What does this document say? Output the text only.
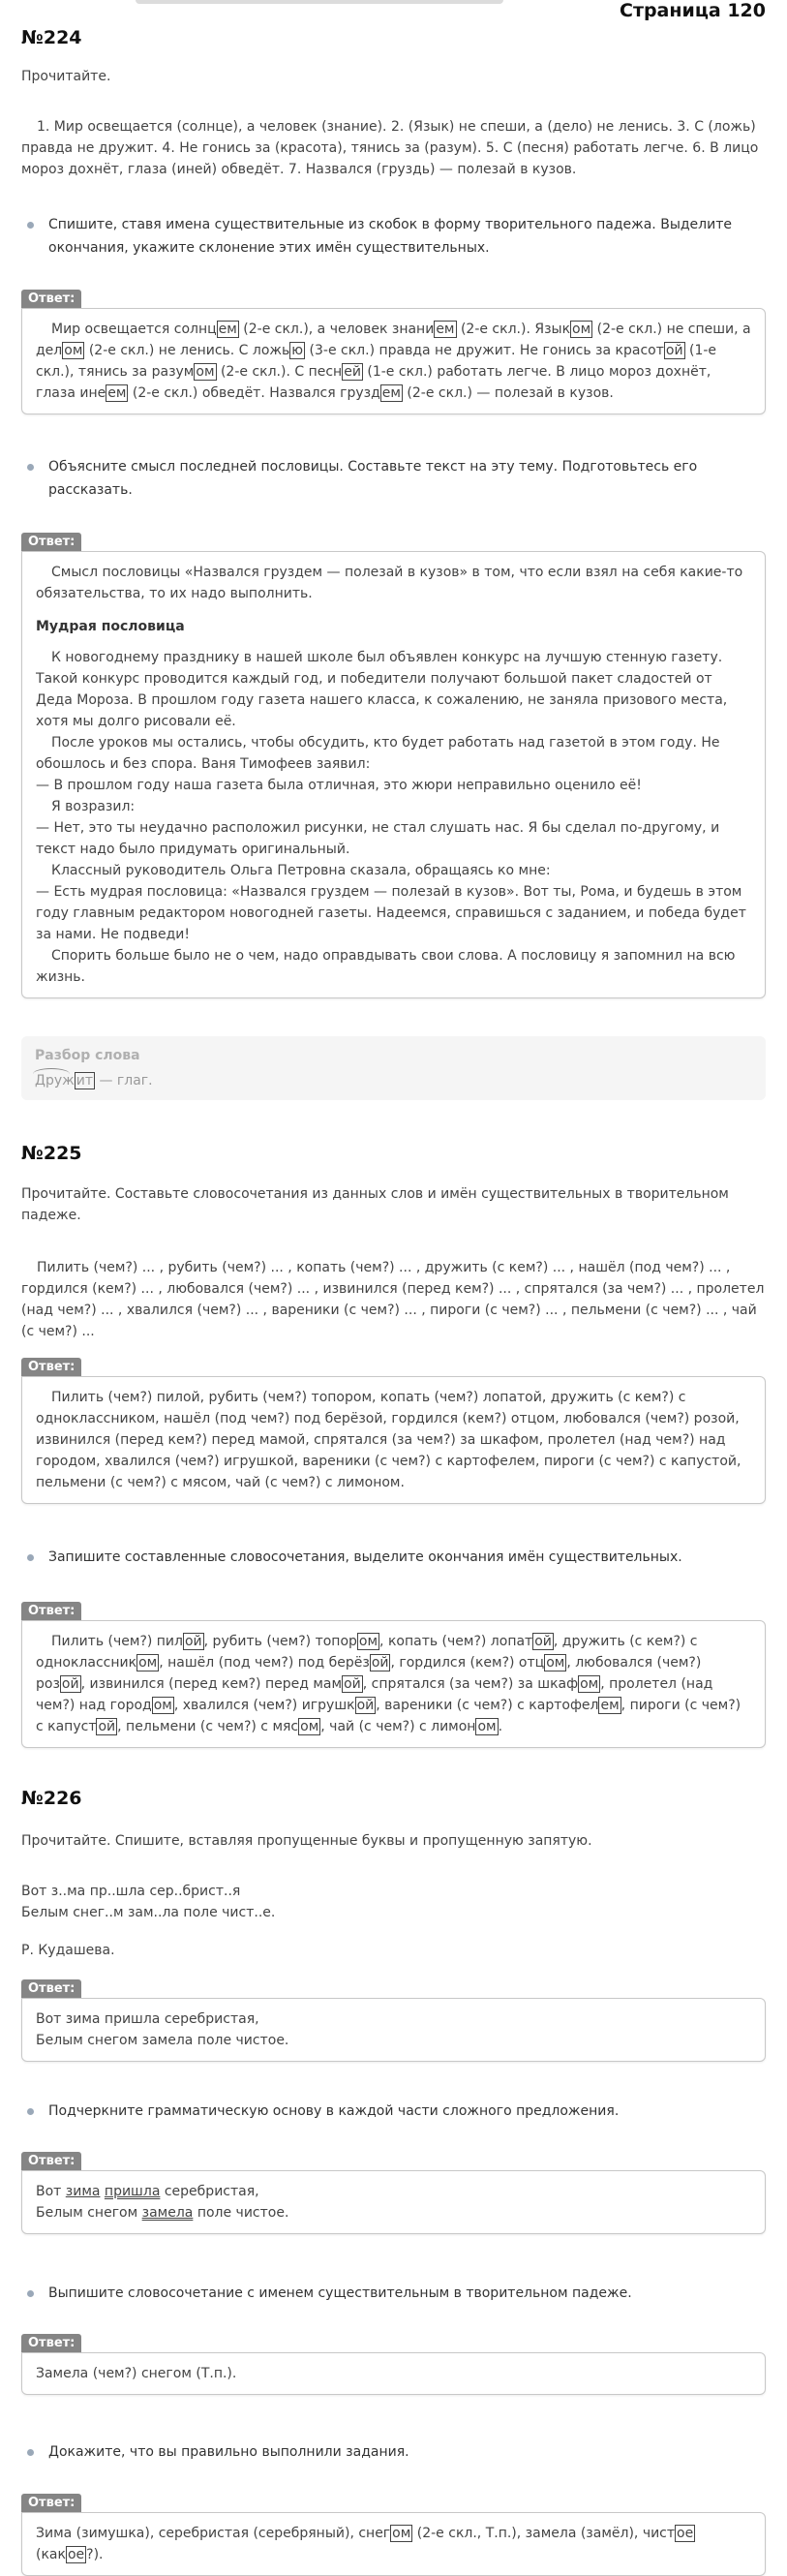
Страница 120

№224

Прочитайте.

1. Мир освещается (солнце), а человек (знание). 2. (Язык) не спеши, а (дело) не ленись. 3. С (ложь) правда не дружит. 4. Не гонись за (красота), тянись за (разум). 5. С (песня) работать легче. 6. В лицо мороз дохнёт, глаза (иней) обведёт. 7. Назвался (груздь) — полезай в кузов.

Спишите, ставя имена существительные из скобок в форму творительного падежа. Выделите окончания, укажите склонение этих имён существительных.
Ответ:

Мир освещается солнц ем (2-е скл.), а человек знани ем (2-е скл.). Язык ом (2-е скл.) не спеши, а дел ом (2-е скл.) не ленись. С ложь ю (3-е скл.) правда не дружит. Не гонись за красот ой (1-е скл.), тянись за разум ом (2-е скл.). С песн ей (1-е скл.) работать легче. В лицо мороз дохнёт, глаза ине ем (2-е скл.) обведёт. Назвался грузд ем (2-е скл.) — полезай в кузов.

Объясните смысл последней пословицы. Составьте текст на эту тему. Подготовьтесь его рассказать.
Ответ:

Смысл пословицы «Назвался груздем — полезай в кузов» в том, что если взял на себя какие-то обязательства, то их надо выполнить.

Мудрая пословица

К новогоднему празднику в нашей школе был объявлен конкурс на лучшую стенную газету. Такой конкурс проводится каждый год, и победители получают большой пакет сладостей от Деда Мороза. В прошлом году газета нашего класса, к сожалению, не заняла призового места, хотя мы долго рисовали её.

После уроков мы остались, чтобы обсудить, кто будет работать над газетой в этом году. Не обошлось и без спора. Ваня Тимофеев заявил:

— В прошлом году наша газета была отличная, это жюри неправильно оценило её!

Я возразил:

— Нет, это ты неудачно расположил рисунки, не стал слушать нас. Я бы сделал по-другому, и текст надо было придумать оригинальный.

Классный руководитель Ольга Петровна сказала, обращаясь ко мне:

— Есть мудрая пословица: «Назвался груздем — полезай в кузов». Вот ты, Рома, и будешь в этом году главным редактором новогодней газеты. Надеемся, справишься с заданием, и победа будет за нами. Не подведи!

Спорить больше было не о чем, надо оправдывать свои слова. А пословицу я запомнил на всю жизнь.

Разбор слова

Друж ит — глаг.

№225

Прочитайте. Составьте словосочетания из данных слов и имён существительных в творительном падеже.

Пилить (чем?) ... , рубить (чем?) ... , копать (чем?) ... , дружить (с кем?) ... , нашёл (под чем?) ... , гордился (кем?) ... , любовался (чем?) ... , извинился (перед кем?) ... , спрятался (за чем?) ... , пролетел (над чем?) ... , хвалился (чем?) ... , вареники (с чем?) ... , пироги (с чем?) ... , пельмени (с чем?) ... , чай (с чем?) ...

Ответ:

Пилить (чем?) пилой, рубить (чем?) топором, копать (чем?) лопатой, дружить (с кем?) с одноклассником, нашёл (под чем?) под берёзой, гордился (кем?) отцом, любовался (чем?) розой, извинился (перед кем?) перед мамой, спрятался (за чем?) за шкафом, пролетел (над чем?) над городом, хвалился (чем?) игрушкой, вареники (с чем?) с картофелем, пироги (с чем?) с капустой, пельмени (с чем?) с мясом, чай (с чем?) с лимоном.

Запишите составленные словосочетания, выделите окончания имён существительных.
Ответ:

Пилить (чем?) пил ой , рубить (чем?) топор ом , копать (чем?) лопат ой , дружить (с кем?) с одноклассник ом , нашёл (под чем?) под берёз ой , гордился (кем?) отц ом , любовался (чем?) роз ой , извинился (перед кем?) перед мам ой , спрятался (за чем?) за шкаф ом , пролетел (над чем?) над город ом , хвалился (чем?) игрушк ой , вареники (с чем?) с картофел ем , пироги (с чем?) с капуст ой , пельмени (с чем?) с мяс ом , чай (с чем?) с лимон ом .

№226

Прочитайте. Спишите, вставляя пропущенные буквы и пропущенную запятую.

Вот з..ма пр..шла сер..брист..я

Белым снег..м зам..ла поле чист..е.

Р. Кудашева.

Ответ:

Вот зима пришла серебристая,

Белым снегом замела поле чистое.

Подчеркните грамматическую основу в каждой части сложного предложения.
Ответ:

Вот зима пришла серебристая,

Белым снегом замела поле чистое.

Выпишите словосочетание с именем существительным в творительном падеже.
Ответ:

Замела (чем?) снегом (Т.п.).

Докажите, что вы правильно выполнили задания.
Ответ:

Зима (зимушка), серебристая (серебряный), снег ом (2-е скл., Т.п.), замела (замёл), чист ое (как ое ?).
